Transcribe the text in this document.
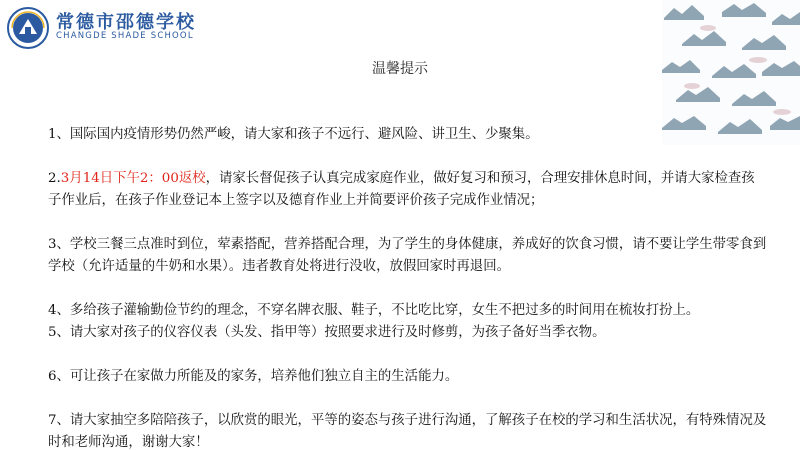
常德市邵德学校
CHANGDE SHADE SCHOOL
温馨提示

1、国际国内疫情形势仍然严峻，请大家和孩子不远行、避风险、讲卫生、少聚集。

2.3月14日下午2：00返校，请家长督促孩子认真完成家庭作业，做好复习和预习，合理安排休息时间，并请大家检查孩子作业后，在孩子作业登记本上签字以及德育作业上并简要评价孩子完成作业情况；

3、学校三餐三点准时到位，荤素搭配，营养搭配合理，为了学生的身体健康，养成好的饮食习惯，请不要让学生带零食到学校（允许适量的牛奶和水果）。违者教育处将进行没收，放假回家时再退回。

4、多给孩子灌输勤俭节约的理念，不穿名牌衣服、鞋子，不比吃比穿，女生不把过多的时间用在梳妆打扮上。

5、请大家对孩子的仪容仪表（头发、指甲等）按照要求进行及时修剪，为孩子备好当季衣物。

6、可让孩子在家做力所能及的家务，培养他们独立自主的生活能力。

7、请大家抽空多陪陪孩子，以欣赏的眼光，平等的姿态与孩子进行沟通，了解孩子在校的学习和生活状况，有特殊情况及时和老师沟通，谢谢大家！
